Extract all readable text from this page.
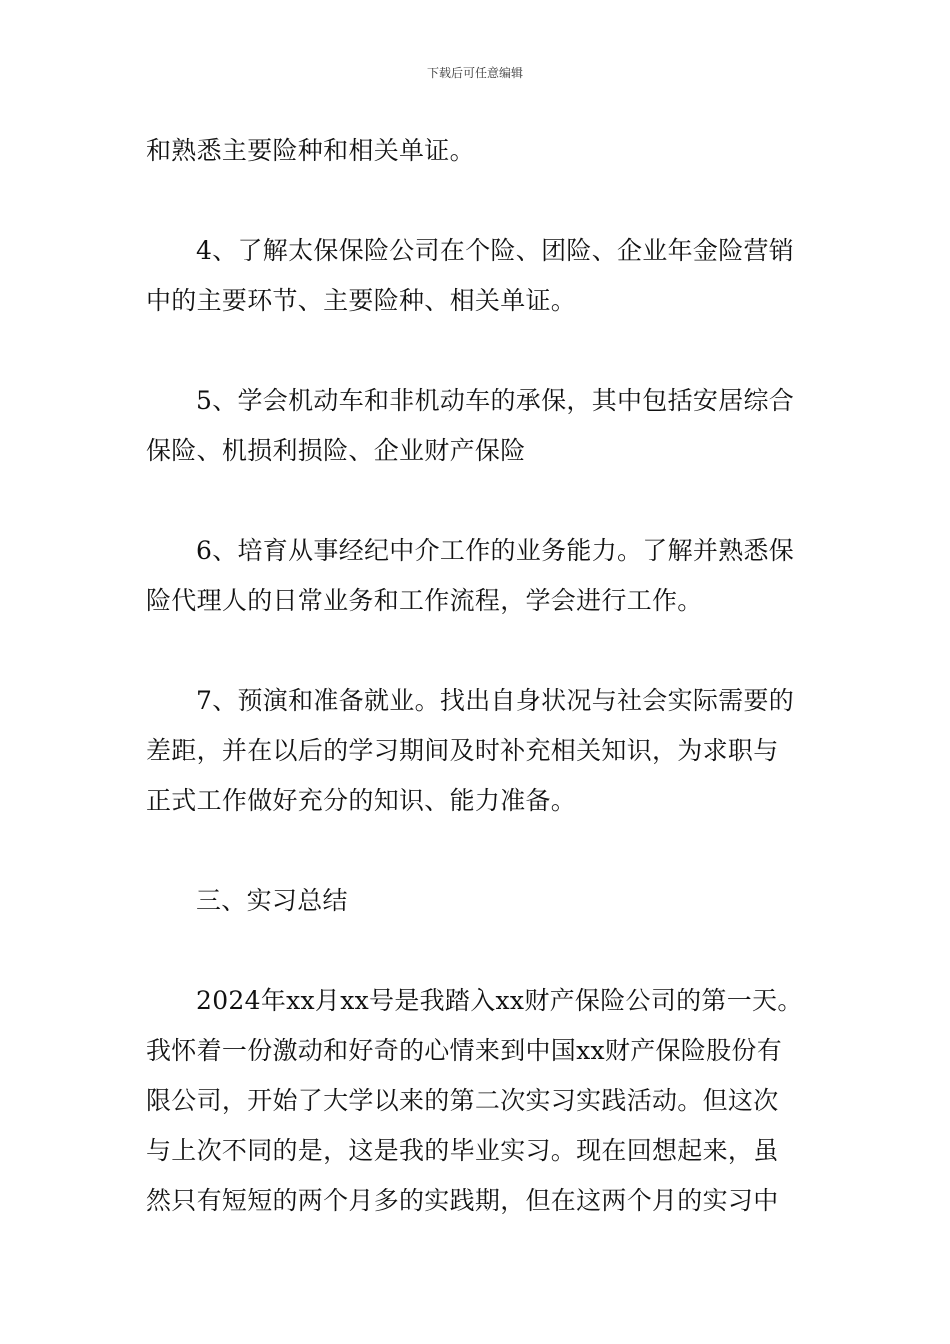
下载后可任意编辑

和熟悉主要险种和相关单证。

4、了解太保保险公司在个险、团险、企业年金险营销
中的主要环节、主要险种、相关单证。

5、学会机动车和非机动车的承保，其中包括安居综合
保险、机损利损险、企业财产保险

6、培育从事经纪中介工作的业务能力。了解并熟悉保
险代理人的日常业务和工作流程，学会进行工作。

7、预演和准备就业。找出自身状况与社会实际需要的
差距，并在以后的学习期间及时补充相关知识，为求职与
正式工作做好充分的知识、能力准备。

三、实习总结

2024年xx月xx号是我踏入xx财产保险公司的第一天。
我怀着一份激动和好奇的心情来到中国xx财产保险股份有
限公司，开始了大学以来的第二次实习实践活动。但这次
与上次不同的是，这是我的毕业实习。现在回想起来，虽
然只有短短的两个月多的实践期，但在这两个月的实习中
